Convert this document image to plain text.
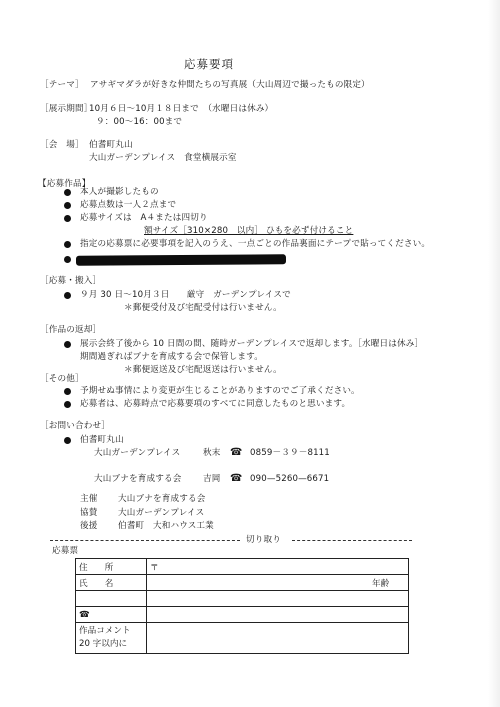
応募要項
［テーマ］ アサギマダラが好きな仲間たちの写真展（大山周辺で撮ったもの限定）
［展示期間］
10月６日〜10月１８日まで　（水曜日は休み）
９：00〜16：00まで
［会　場］ 伯耆町丸山
大山ガーデンプレイス　食堂横展示室
【応募作品】
本人が撮影したもの
応募点数は一人２点まで
応募サイズは　A４または四切り
額サイズ［310×280　以内］ ひもを必ず付けること
指定の応募票に必要事項を記入のうえ、一点ごとの作品裏面にテープで貼ってください。
［応募・搬入］
９月 30 日〜10月３日　　厳守　ガーデンプレイスで
＊郵便受付及び宅配受付は行いません。
［作品の返却］
展示会終了後から 10 日間の間、随時ガーデンプレイスで返却します。［水曜日は休み］
期間過ぎればブナを育成する会で保管します。
＊郵便返送及び宅配返送は行いません。
［その他］
予期せぬ事情により変更が生じることがありますのでご了承ください。
応募者は、応募時点で応募要項のすべてに同意したものと思います。
［お問い合わせ］
伯耆町丸山
大山ガーデンプレイス	秋末 ☎ 0859－３９－8111
大山ブナを育成する会	吉岡 ☎ 090—5260—6671
主催 大山ブナを育成する会
協賛 大山ガーデンプレイス
後援 伯耆町　大和ハウス工業
切り取り
応募票
住　　所	〒
氏　　名	年齢

☎	
作品コメント
20 字以内に	
